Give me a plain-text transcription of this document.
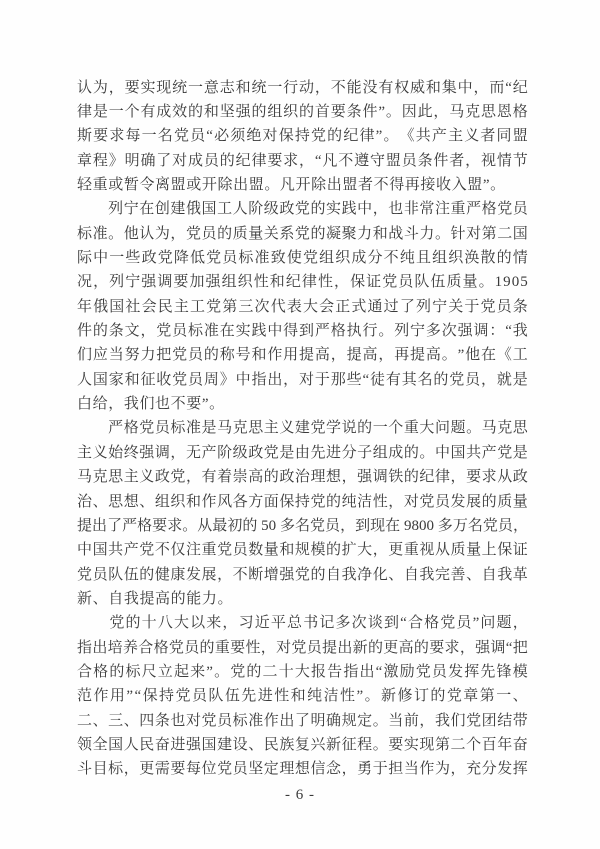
认 为 ， 要 实 现 统 一 意 志 和 统 一 行 动 ， 不 能 没 有 权 威 和 集 中 ， 而 “ 纪
律 是 一 个 有 成 效 的 和 坚 强 的 组 织 的 首 要 条 件 ” 。 因 此 ， 马 克 思 恩 格
斯 要 求 每 一 名 党 员 “ 必 须 绝 对 保 持 党 的 纪 律 ” 。 《 共 产 主 义 者 同 盟
章 程 》 明 确 了 对 成 员 的 纪 律 要 求 ， “ 凡 不 遵 守 盟 员 条 件 者 ， 视 情 节
轻 重 或 暂 令 离 盟 或 开 除 出 盟 。 凡 开 除 出 盟 者 不 得 再 接 收 入 盟 ” 。

列 宁 在 创 建 俄 国 工 人 阶 级 政 党 的 实 践 中 ， 也 非 常 注 重 严 格 党 员
标 准 。 他 认 为 ， 党 员 的 质 量 关 系 党 的 凝 聚 力 和 战 斗 力 。 针 对 第 二 国
际 中 一 些 政 党 降 低 党 员 标 准 致 使 党 组 织 成 分 不 纯 且 组 织 涣 散 的 情
况 ， 列 宁 强 调 要 加 强 组 织 性 和 纪 律 性 ， 保 证 党 员 队 伍 质 量 。 1 9 0 5
年 俄 国 社 会 民 主 工 党 第 三 次 代 表 大 会 正 式 通 过 了 列 宁 关 于 党 员 条
件 的 条 文 ， 党 员 标 准 在 实 践 中 得 到 严 格 执 行 。 列 宁 多 次 强 调 ： “ 我
们 应 当 努 力 把 党 员 的 称 号 和 作 用 提 高 ， 提 高 ， 再 提 高 。 ” 他 在 《 工
人 国 家 和 征 收 党 员 周 》 中 指 出 ， 对 于 那 些 “ 徒 有 其 名 的 党 员 ， 就 是
白 给 ， 我 们 也 不 要 ” 。

严 格 党 员 标 准 是 马 克 思 主 义 建 党 学 说 的 一 个 重 大 问 题 。 马 克 思
主 义 始 终 强 调 ， 无 产 阶 级 政 党 是 由 先 进 分 子 组 成 的 。 中 国 共 产 党 是
马 克 思 主 义 政 党 ， 有 着 崇 高 的 政 治 理 想 ， 强 调 铁 的 纪 律 ， 要 求 从 政
治 、 思 想 、 组 织 和 作 风 各 方 面 保 持 党 的 纯 洁 性 ， 对 党 员 发 展 的 质 量
提 出 了 严 格 要 求 。 从 最 初 的
5 0
多 名 党 员 ， 到 现 在
9 8 0 0
多 万 名 党 员 ，
中 国 共 产 党 不 仅 注 重 党 员 数 量 和 规 模 的 扩 大 ， 更 重 视 从 质 量 上 保 证
党 员 队 伍 的 健 康 发 展 ， 不 断 增 强 党 的 自 我 净 化 、 自 我 完 善 、 自 我 革
新 、 自 我 提 高 的 能 力 。

党 的 十 八 大 以 来 ， 习 近 平 总 书 记 多 次 谈 到 “ 合 格 党 员 ” 问 题 ，
指 出 培 养 合 格 党 员 的 重 要 性 ， 对 党 员 提 出 新 的 更 高 的 要 求 ， 强 调 “ 把
合 格 的 标 尺 立 起 来 ” 。 党 的 二 十 大 报 告 指 出 “ 激 励 党 员 发 挥 先 锋 模
范 作 用 ” “ 保 持 党 员 队 伍 先 进 性 和 纯 洁 性 ” 。 新 修 订 的 党 章 第 一 、
二 、 三 、 四 条 也 对 党 员 标 准 作 出 了 明 确 规 定 。 当 前 ， 我 们 党 团 结 带
领 全 国 人 民 奋 进 强 国 建 设 、 民 族 复 兴 新 征 程 。 要 实 现 第 二 个 百 年 奋
斗 目 标 ， 更 需 要 每 位 党 员 坚 定 理 想 信 念 ， 勇 于 担 当 作 为 ， 充 分 发 挥
- 6 -
